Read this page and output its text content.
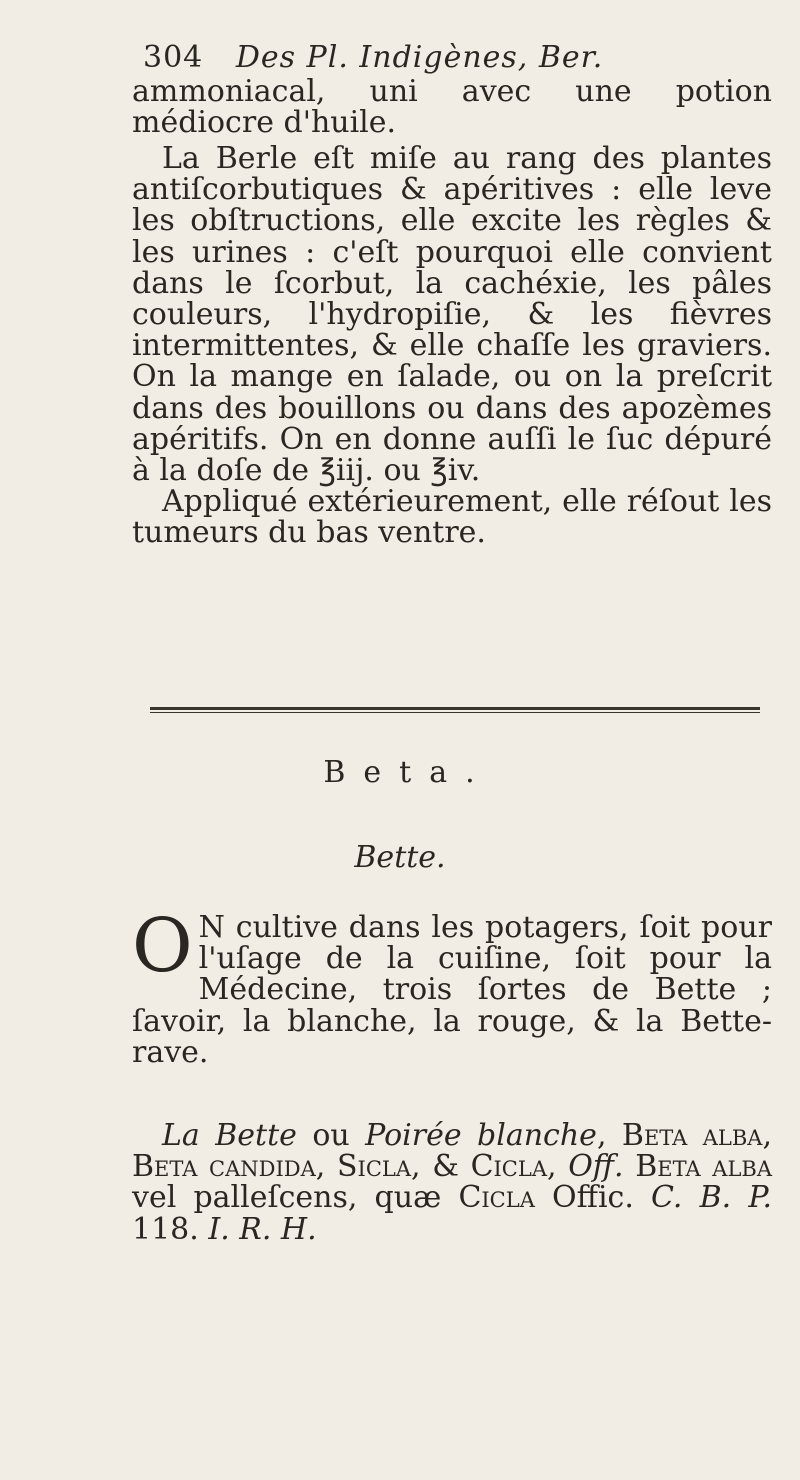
304 Des Pl. Indigènes, Ber.

ammoniacal, uni avec une potion médiocre d'huile.

La Berle eſt miſe au rang des plantes antiſcorbutiques & apéritives : elle leve les obſtructions, elle excite les règles & les urines : c'eſt pourquoi elle convient dans le ſcorbut, la cachéxie, les pâles couleurs, l'hydropiſie, & les fièvres intermittentes, & elle chaſſe les graviers. On la mange en ſalade, ou on la preſcrit dans des bouillons ou dans des apozèmes apéritifs. On en donne auſſi le ſuc dépuré à la doſe de ℥iij. ou ℥iv.

Appliqué extérieurement, elle réſout les tumeurs du bas ventre.

Beta.
Bette.
O N cultive dans les potagers, ſoit pour l'uſage de la cuiſine, ſoit pour la Médecine, trois ſortes de Bette ; ſavoir, la blanche, la rouge, & la Bette-rave.
La Bette ou Poirée blanche, Beta alba, Beta candida, Sicla, & Cicla, Off. Beta alba vel palleſcens, quæ Cicla Offic. C. B. P. 118. I. R. H.
